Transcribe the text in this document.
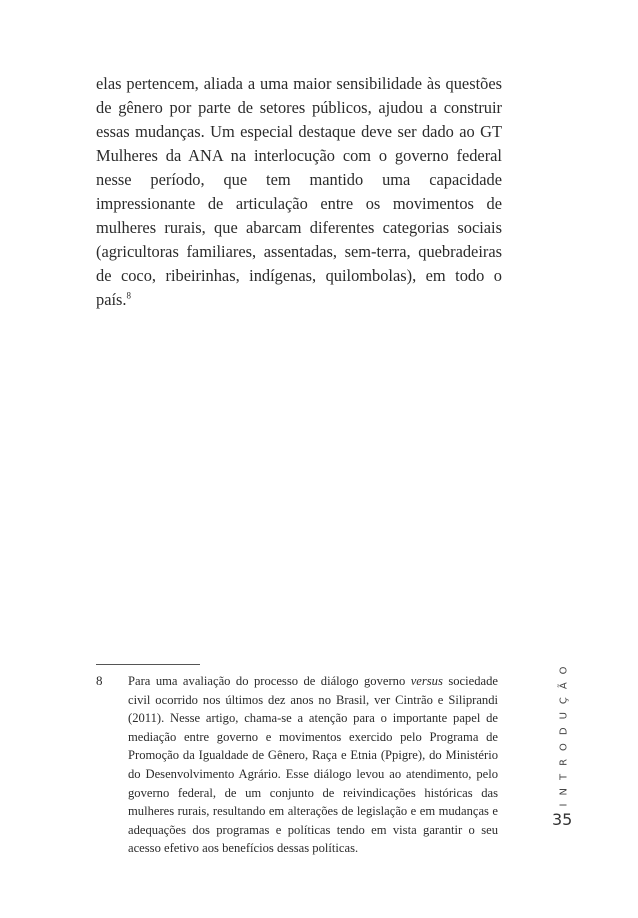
elas pertencem, aliada a uma maior sensibilidade às questões de gênero por parte de setores públicos, ajudou a construir essas mudanças. Um especial destaque deve ser dado ao GT Mulheres da ANA na interlocução com o governo federal nesse período, que tem mantido uma capacidade impressionante de articulação entre os movimentos de mulheres rurais, que abarcam diferentes categorias sociais (agricultoras familiares, assentadas, sem-terra, quebradeiras de coco, ribeirinhas, indígenas, quilombolas), em todo o país.$^8$
8 Para uma avaliação do processo de diálogo governo versus sociedade civil ocorrido nos últimos dez anos no Brasil, ver Cintrão e Siliprandi (2011). Nesse artigo, chama-se a atenção para o importante papel de mediação entre governo e movimentos exercido pelo Programa de Promoção da Igualdade de Gênero, Raça e Etnia (Ppigre), do Ministério do Desenvolvimento Agrário. Esse diálogo levou ao atendimento, pelo governo federal, de um conjunto de reivindicações históricas das mulheres rurais, resultando em alterações de legislação e em mudanças e adequações dos programas e políticas tendo em vista garantir o seu acesso efetivo aos benefícios dessas políticas.
INTRODUÇÃO
35
